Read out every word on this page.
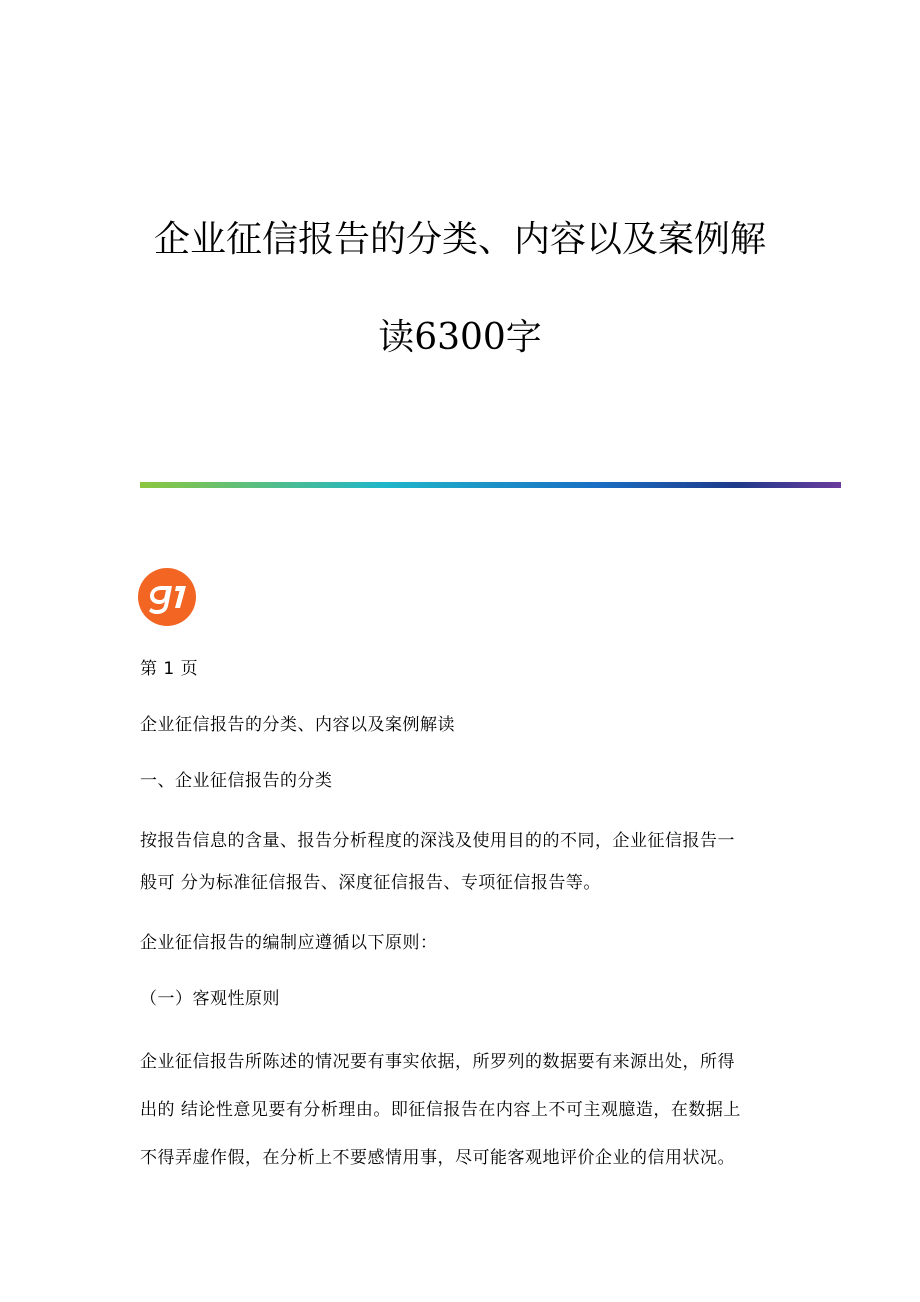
企业征信报告的分类、内容以及案例解
读6300字
第 1 页
企业征信报告的分类、内容以及案例解读
一、企业征信报告的分类
按报告信息的含量、报告分析程度的深浅及使用目的的不同，企业征信报告一
般可 分为标准征信报告、深度征信报告、专项征信报告等。
企业征信报告的编制应遵循以下原则：
（一）客观性原则
企业征信报告所陈述的情况要有事实依据，所罗列的数据要有来源出处，所得
出的 结论性意见要有分析理由。即征信报告在内容上不可主观臆造，在数据上
不得弄虚作假，在分析上不要感情用事，尽可能客观地评价企业的信用状况。
